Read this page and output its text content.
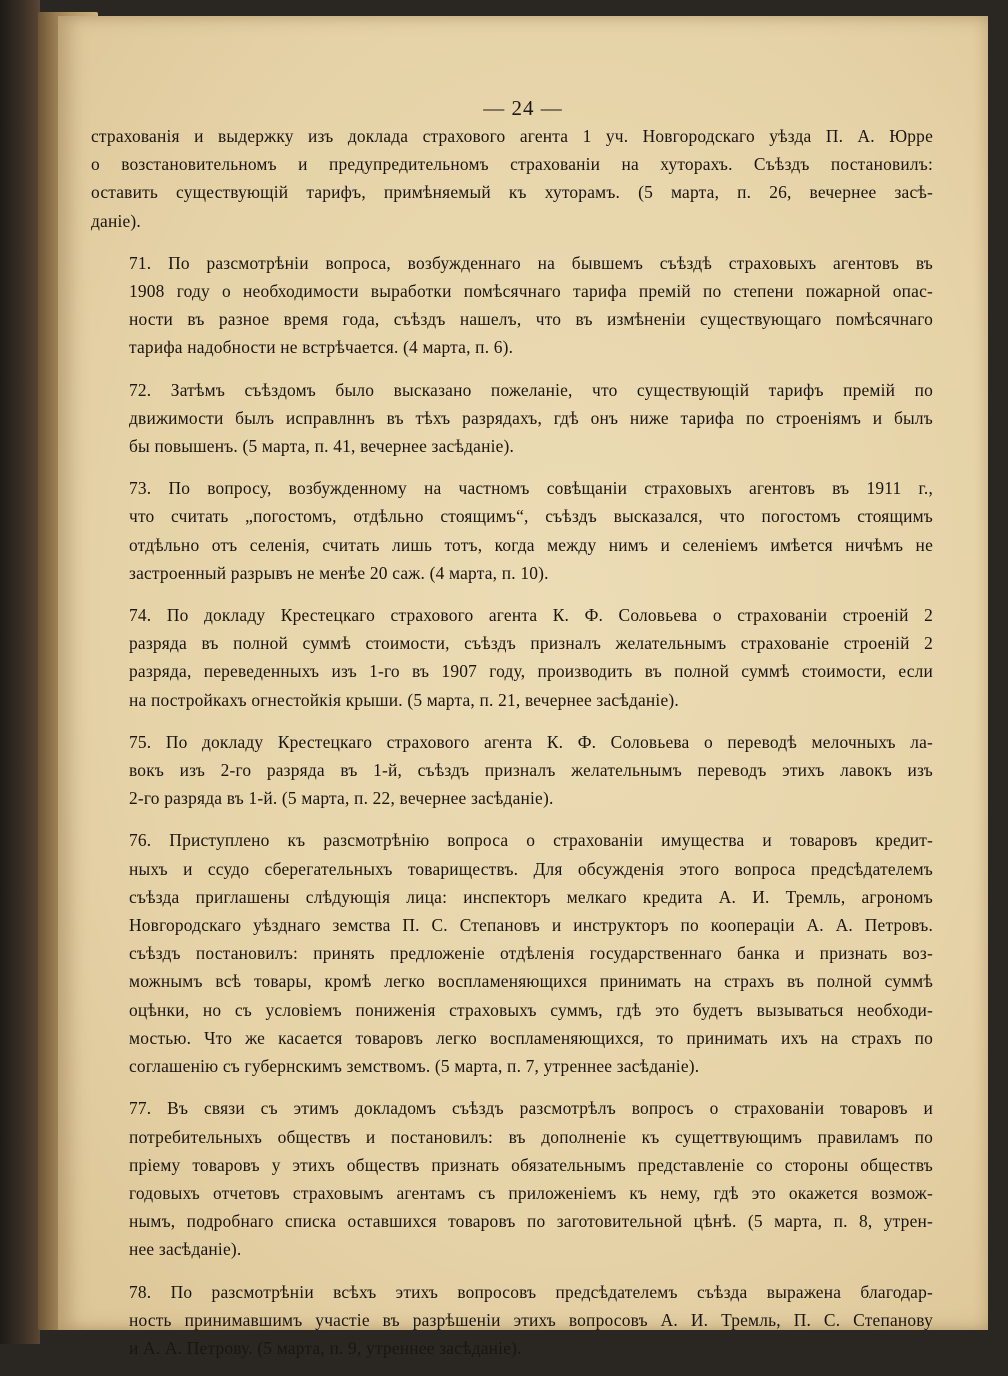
— 24 —
страхованія и выдержку изъ доклада страхового агента 1 уч. Новгородскаго уѣзда П. А. Юрре
о возстановительномъ и предупредительномъ страхованіи на хуторахъ. Съѣздъ постановилъ:
оставить существующій тарифъ, примѣняемый къ хуторамъ. (5 марта, п. 26, вечернее засѣ-
даніе).
71. По разсмотрѣніи вопроса, возбужденнаго на бывшемъ съѣздѣ страховыхъ агентовъ въ
1908 году о необходимости выработки помѣсячнаго тарифа премій по степени пожарной опас-
ности въ разное время года, съѣздъ нашелъ, что въ измѣненіи существующаго помѣсячнаго
тарифа надобности не встрѣчается. (4 марта, п. 6).
72. Затѣмъ съѣздомъ было высказано пожеланіе, что существующій тарифъ премій по
движимости былъ исправлннъ въ тѣхъ разрядахъ, гдѣ онъ ниже тарифа по строеніямъ и былъ
бы повышенъ. (5 марта, п. 41, вечернее засѣданіе).
73. По вопросу, возбужденному на частномъ совѣщаніи страховыхъ агентовъ въ 1911 г.,
что считать „погостомъ, отдѣльно стоящимъ“, съѣздъ высказался, что погостомъ стоящимъ
отдѣльно отъ селенія, считать лишь тотъ, когда между нимъ и селеніемъ имѣется ничѣмъ не
застроенный разрывъ не менѣе 20 саж. (4 марта, п. 10).
74. По докладу Крестецкаго страхового агента К. Ф. Соловьева о страхованіи строеній 2
разряда въ полной суммѣ стоимости, съѣздъ призналъ желательнымъ страхованіе строеній 2
разряда, переведенныхъ изъ 1-го въ 1907 году, производить въ полной суммѣ стоимости, если
на постройкахъ огнестойкія крыши. (5 марта, п. 21, вечернее засѣданіе).
75. По докладу Крестецкаго страхового агента К. Ф. Соловьева о переводѣ мелочныхъ ла-
вокъ изъ 2-го разряда въ 1-й, съѣздъ призналъ желательнымъ переводъ этихъ лавокъ изъ
2-го разряда въ 1-й. (5 марта, п. 22, вечернее засѣданіе).
76. Приступлено къ разсмотрѣнію вопроса о страхованіи имущества и товаровъ кредит-
ныхъ и ссудо сберегательныхъ товариществъ. Для обсужденія этого вопроса предсѣдателемъ
съѣзда приглашены слѣдующія лица: инспекторъ мелкаго кредита А. И. Тремль, агрономъ
Новгородскаго уѣзднаго земства П. С. Степановъ и инструкторъ по кооперацiи А. А. Петровъ.
съѣздъ постановилъ: принять предложеніе отдѣленія государственнаго банка и признать воз-
можнымъ всѣ товары, кромѣ легко воспламеняющихся принимать на страхъ въ полной суммѣ
оцѣнки, но съ условіемъ пониженія страховыхъ суммъ, гдѣ это будетъ вызываться необходи-
мостью. Что же касается товаровъ легко воспламеняющихся, то принимать ихъ на страхъ по
соглашенію съ губернскимъ земствомъ. (5 марта, п. 7, утреннее засѣданіе).
77. Въ связи съ этимъ докладомъ съѣздъ разсмотрѣлъ вопросъ о страхованіи товаровъ и
потребительныхъ обществъ и постановилъ: въ дополненіе къ сущеттвующимъ правиламъ по
пріему товаровъ у этихъ обществъ признать обязательнымъ представленіе со стороны обществъ
годовыхъ отчетовъ страховымъ агентамъ съ приложеніемъ къ нему, гдѣ это окажется возмож-
нымъ, подробнаго списка оставшихся товаровъ по заготовительной цѣнѣ. (5 марта, п. 8, утрен-
нее засѣданіе).
78. По разсмотрѣніи всѣхъ этихъ вопросовъ предсѣдателемъ съѣзда выражена благодар-
ность принимавшимъ участіе въ разрѣшеніи этихъ вопросовъ А. И. Тремль, П. С. Степанову
и А. А. Петрову. (5 марта, п. 9, утреннее засѣданіе).
